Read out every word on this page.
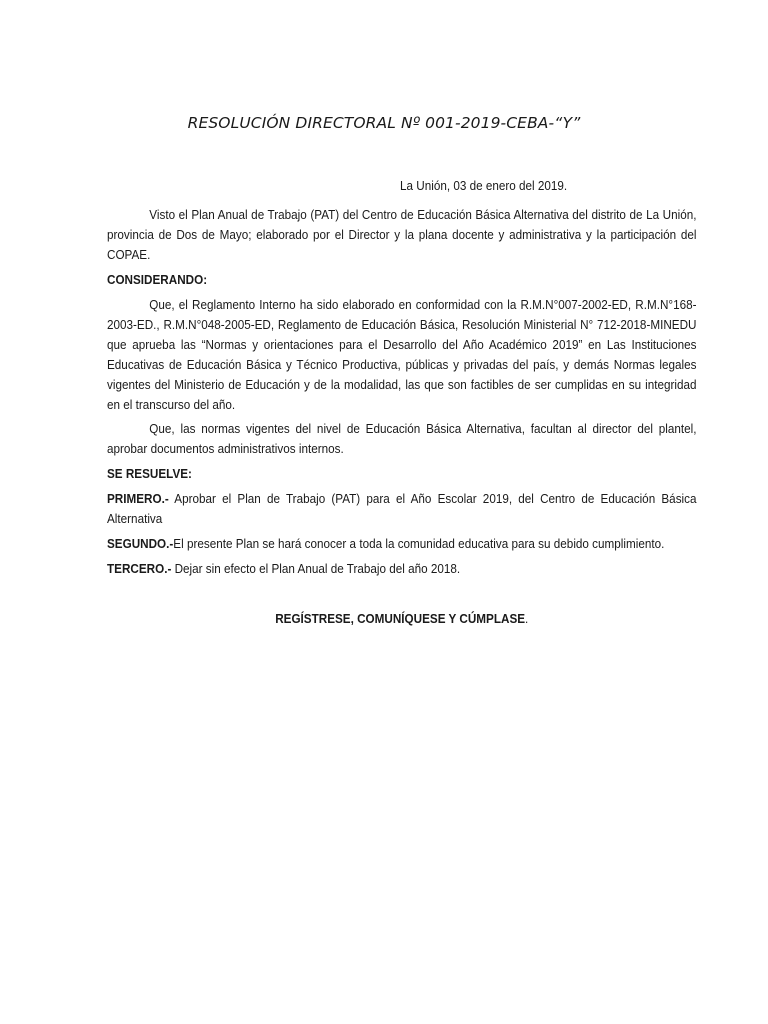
RESOLUCIÓN DIRECTORAL Nº 001-2019-CEBA-“Y”
La Unión, 03 de enero del 2019.

Visto el Plan Anual de Trabajo (PAT) del Centro de Educación Básica Alternativa del distrito de La Unión, provincia de Dos de Mayo; elaborado por el Director y la plana docente y administrativa y la participación del COPAE.

CONSIDERANDO:

Que, el Reglamento Interno ha sido elaborado en conformidad con la R.M.N°007-2002-ED, R.M.N°168-2003-ED., R.M.N°048-2005-ED, Reglamento de Educación Básica, Resolución Ministerial N° 712-2018-MINEDU que aprueba las “Normas y orientaciones para el Desarrollo del Año Académico 2019” en Las Instituciones Educativas de Educación Básica y Técnico Productiva, públicas y privadas del país, y demás Normas legales vigentes del Ministerio de Educación y de la modalidad, las que son factibles de ser cumplidas en su integridad en el transcurso del año.

Que, las normas vigentes del nivel de Educación Básica Alternativa, facultan al director del plantel, aprobar documentos administrativos internos.

SE RESUELVE:

PRIMERO.- Aprobar el Plan de Trabajo (PAT) para el Año Escolar 2019, del Centro de Educación Básica Alternativa

SEGUNDO.-El presente Plan se hará conocer a toda la comunidad educativa para su debido cumplimiento.

TERCERO.- Dejar sin efecto el Plan Anual de Trabajo del año 2018.

REGÍSTRESE, COMUNÍQUESE Y CÚMPLASE.
